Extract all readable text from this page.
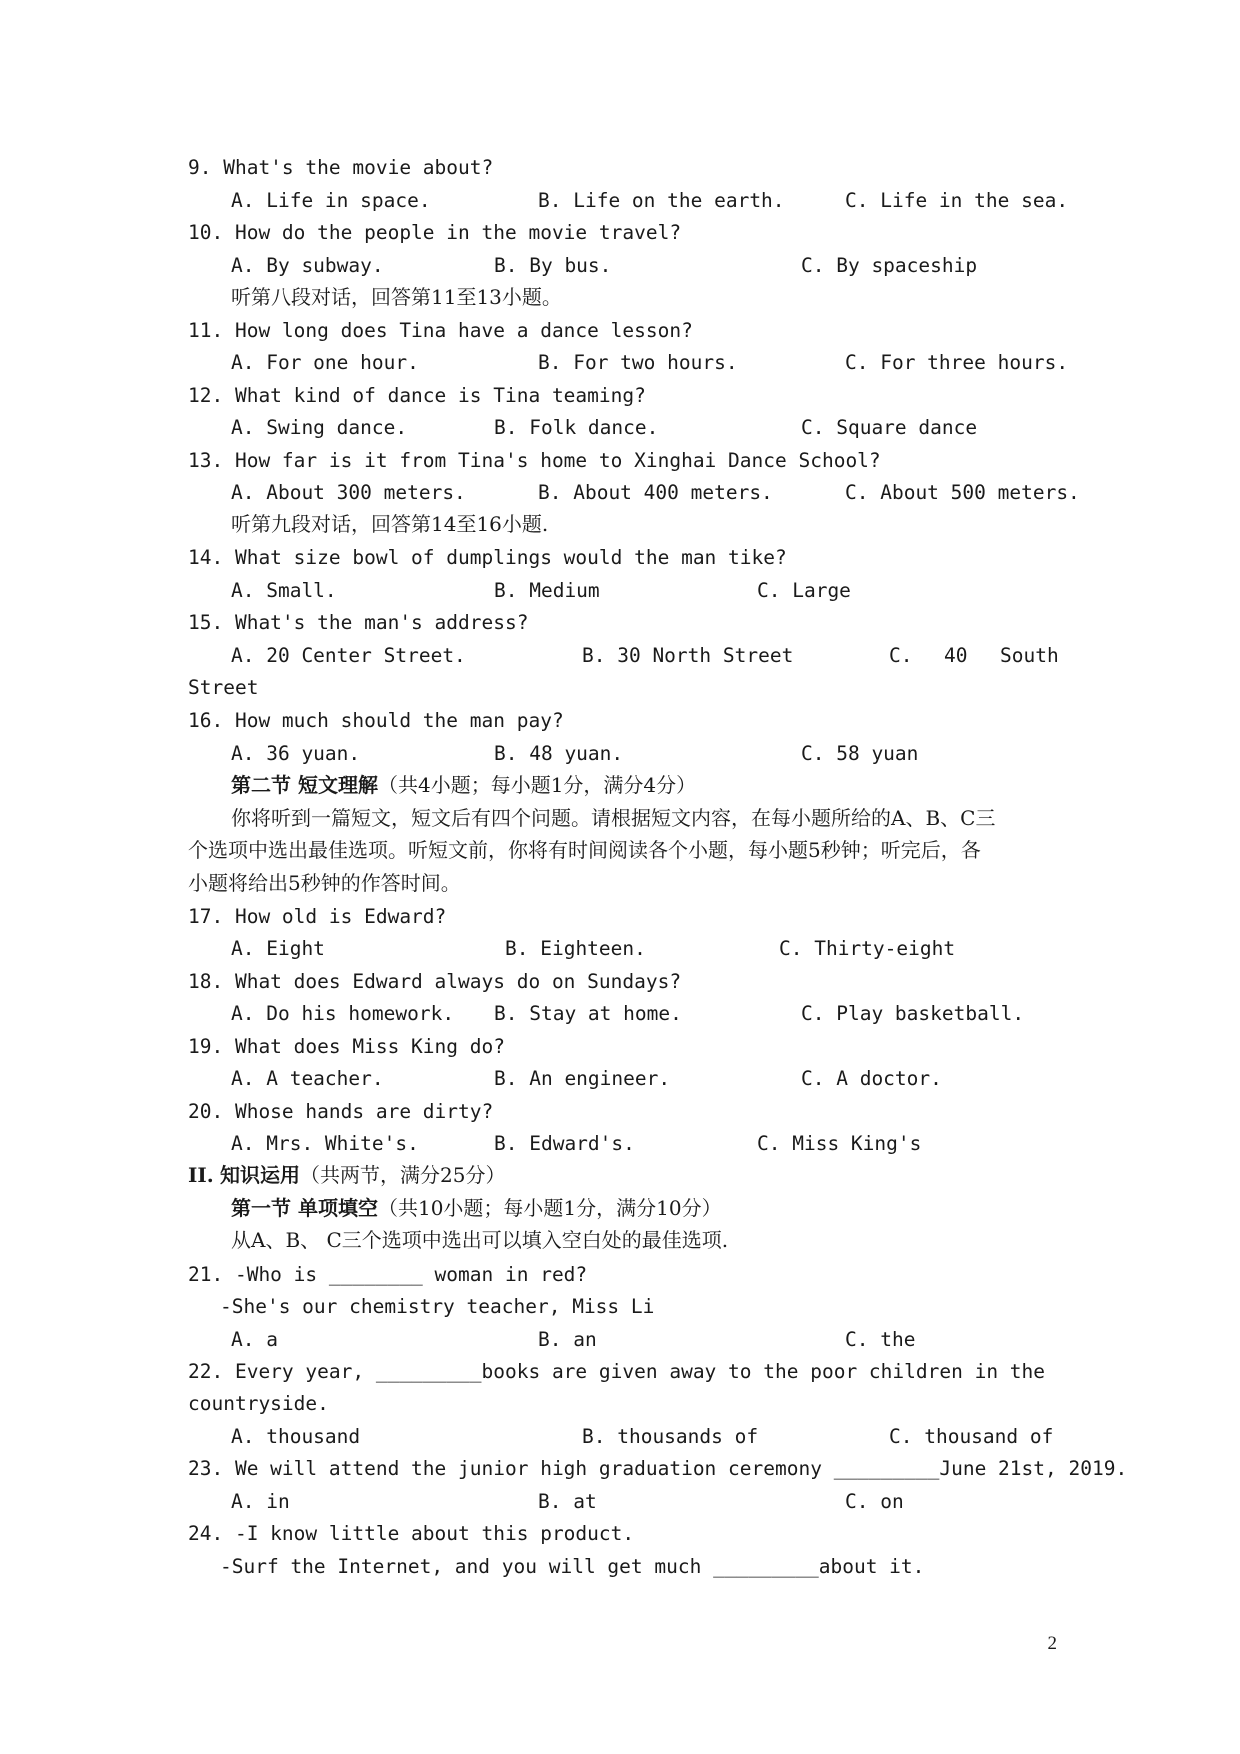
9. What's the movie about?
A. Life in space.	B. Life on the earth.	C. Life in the sea.
10. How do the people in the movie travel?
A. By subway.	B. By bus.	C. By spaceship
听第八段对话，回答第11至13小题。
11. How long does Tina have a dance lesson?
A. For one hour.	B. For two hours.	C. For three hours.
12. What kind of dance is Tina teaming?
A. Swing dance.	B. Folk dance.	C. Square dance
13. How far is it from Tina's home to Xinghai Dance School?
A. About 300 meters.	B. About 400 meters.	C. About 500 meters.
听第九段对话，回答第14至16小题.
14. What size bowl of dumplings would the man tike?
A. Small.	B. Medium	C. Large
15. What's the man's address?
A. 20 Center Street.	B. 30 North Street	C. 40 South
Street
16. How much should the man pay?
A. 36 yuan.	B. 48 yuan.	C. 58 yuan
第二节 短文理解（共4小题；每小题1分，满分4分）
你将听到一篇短文，短文后有四个问题。请根据短文内容，在每小题所给的A、B、C三
个选项中选出最佳选项。听短文前，你将有时间阅读各个小题，每小题5秒钟；听完后，各
小题将给出5秒钟的作答时间。
17. How old is Edward?
A. Eight	B. Eighteen.	C. Thirty-eight
18. What does Edward always do on Sundays?
A. Do his homework. B. Stay at home.	C. Play basketball.
19. What does Miss King do?
A. A teacher.	B. An engineer.	C. A doctor.
20. Whose hands are dirty?
A. Mrs. White's.	B. Edward's.	C. Miss King's
II. 知识运用（共两节，满分25分）
第一节 单项填空（共10小题；每小题1分，满分10分）
从A、B、 C三个选项中选出可以填入空白处的最佳选项.
21. -Who is ________ woman in red?
-She's our chemistry teacher, Miss Li
A. a	B. an	C. the
22. Every year, _________books are given away to the poor children in the
countryside.
A. thousand	B. thousands of	C. thousand of
23. We will attend the junior high graduation ceremony _________June 21st, 2019.
A. in	B. at	C. on
24. -I know little about this product.
-Surf the Internet, and you will get much _________about it.
2
